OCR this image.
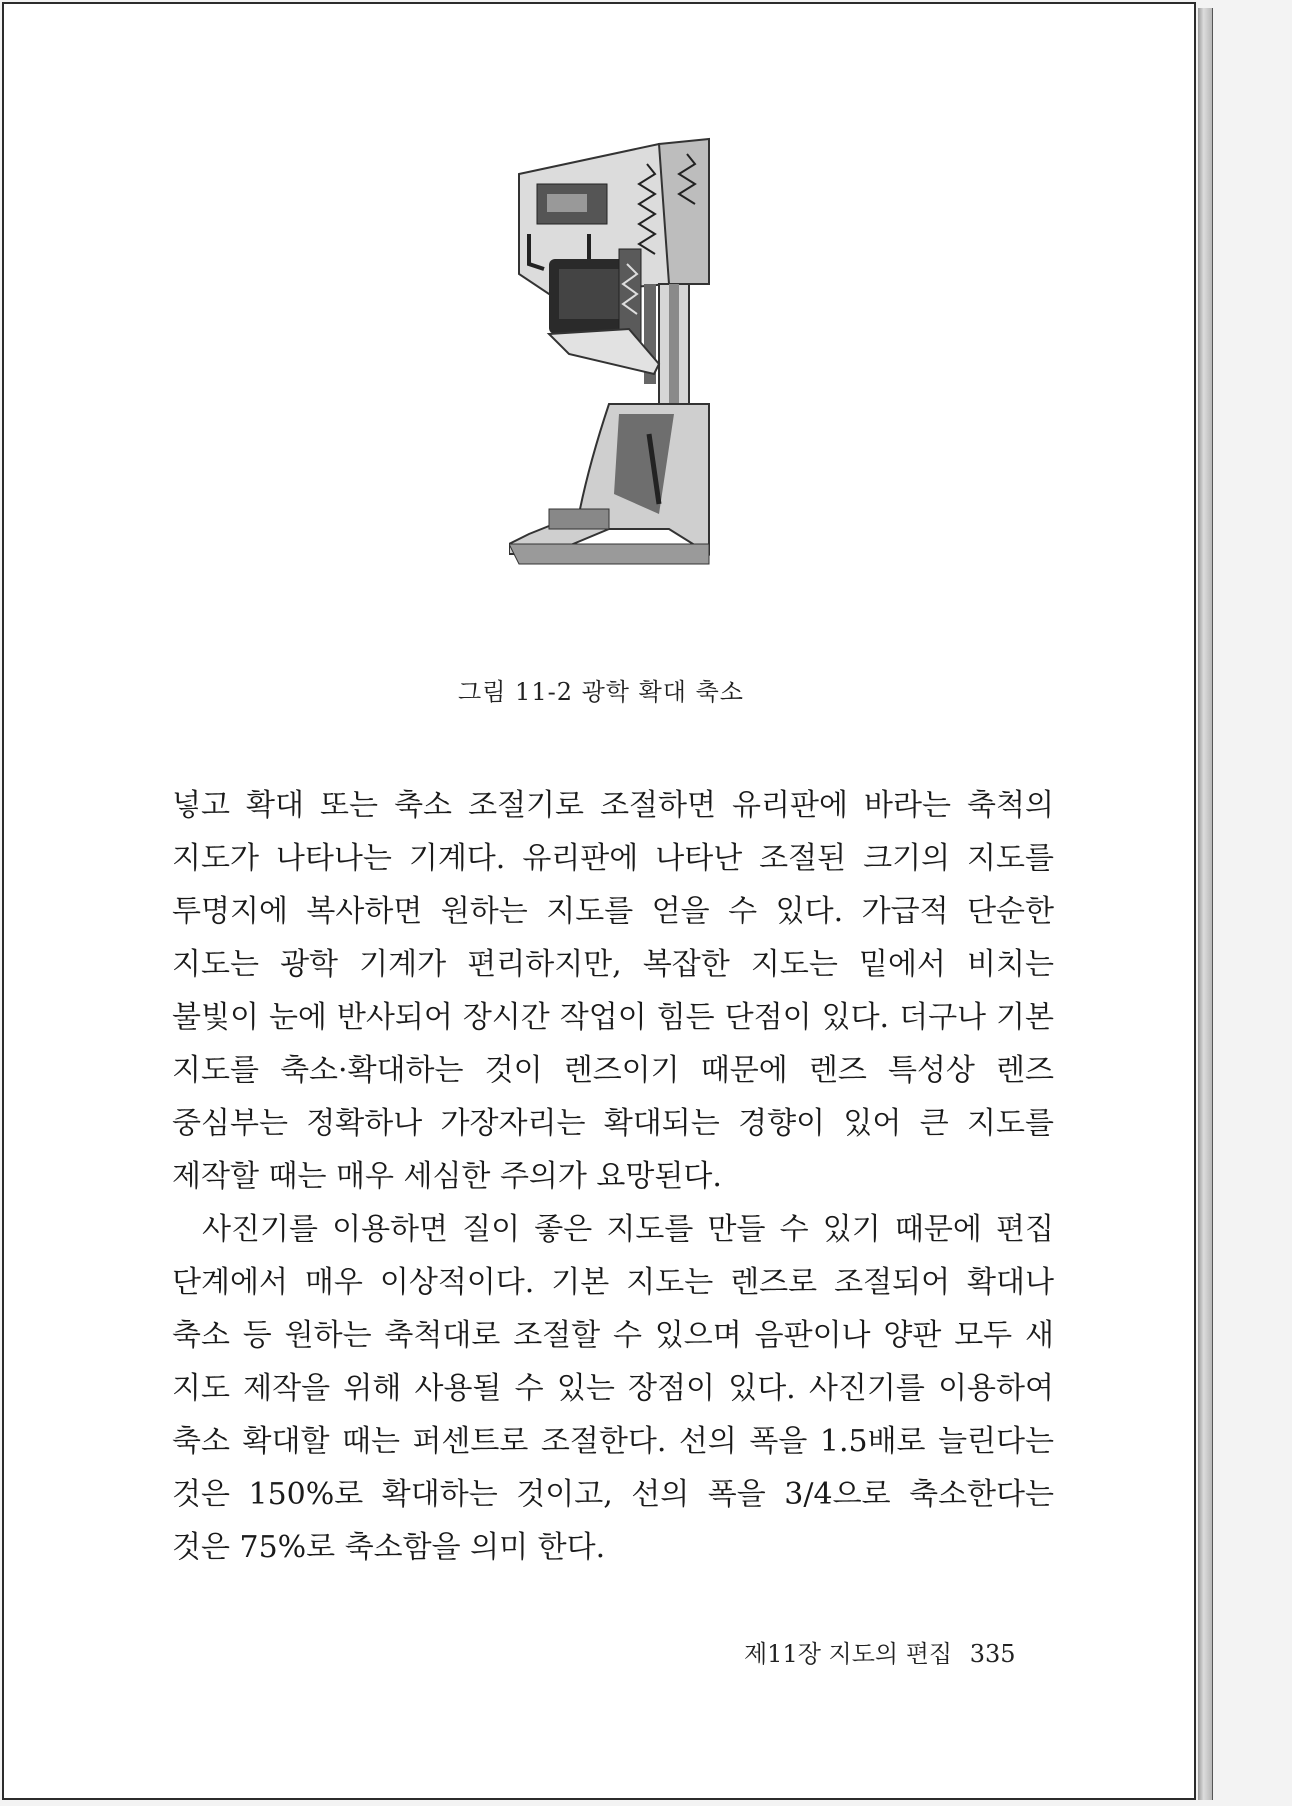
그림 11-2 광학 확대 축소

넣고 확대 또는 축소 조절기로 조절하면 유리판에 바라는 축척의 지도가 나타나는 기계다. 유리판에 나타난 조절된 크기의 지도를 투명지에 복사하면 원하는 지도를 얻을 수 있다. 가급적 단순한 지도는 광학 기계가 편리하지만, 복잡한 지도는 밑에서 비치는 불빛이 눈에 반사되어 장시간 작업이 힘든 단점이 있다. 더구나 기본 지도를 축소·확대하는 것이 렌즈이기 때문에 렌즈 특성상 렌즈 중심부는 정확하나 가장자리는 확대되는 경향이 있어 큰 지도를 제작할 때는 매우 세심한 주의가 요망된다.

사진기를 이용하면 질이 좋은 지도를 만들 수 있기 때문에 편집 단계에서 매우 이상적이다. 기본 지도는 렌즈로 조절되어 확대나 축소 등 원하는 축척대로 조절할 수 있으며 음판이나 양판 모두 새 지도 제작을 위해 사용될 수 있는 장점이 있다. 사진기를 이용하여 축소 확대할 때는 퍼센트로 조절한다. 선의 폭을 1.5배로 늘린다는 것은 150%로 확대하는 것이고, 선의 폭을 3/4으로 축소한다는 것은 75%로 축소함을 의미 한다.

제11장 지도의 편집 335
